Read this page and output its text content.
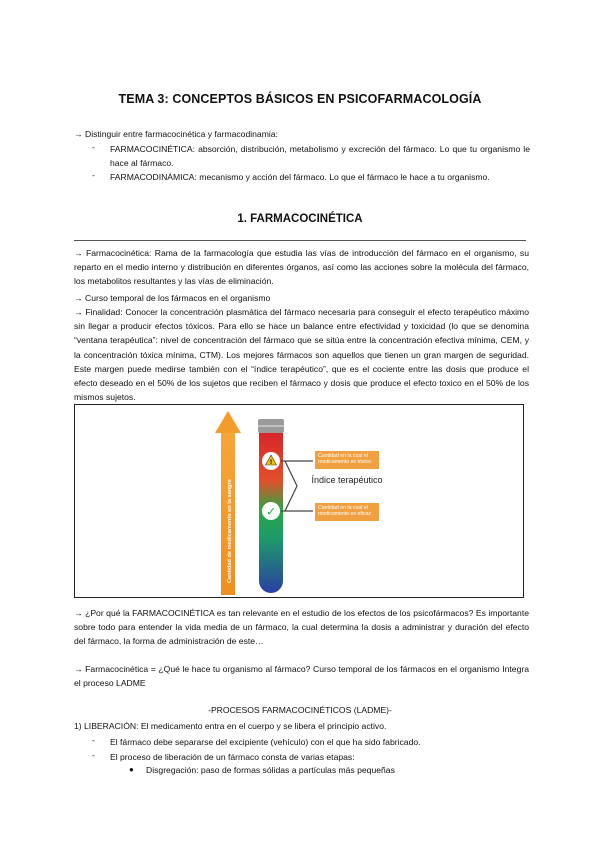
TEMA 3: CONCEPTOS BÁSICOS EN PSICOFARMACOLOGÍA
→ Distinguir entre farmacocinética y farmacodinamia:
- FARMACOCINÉTICA: absorción, distribución, metabolismo y excreción del fármaco. Lo que tu organismo le hace al fármaco.
- FARMACODINÁMICA: mecanismo y acción del fármaco. Lo que el fármaco le hace a tu organismo.
1. FARMACOCINÉTICA
→ Farmacocinética: Rama de la farmacología que estudia las vías de introducción del fármaco en el organismo, su reparto en el medio interno y distribución en diferentes órganos, así como las acciones sobre la molécula del fármaco, los metabolitos resultantes y las vías de eliminación.
→ Curso temporal de los fármacos en el organismo
→ Finalidad: Conocer la concentración plasmática del fármaco necesaria para conseguir el efecto terapéutico máximo sin llegar a producir efectos tóxicos. Para ello se hace un balance entre efectividad y toxicidad (lo que se denomina “ventana terapéutica”: nivel de concentración del fármaco que se sitúa entre la concentración efectiva mínima, CEM, y la concentración tóxica mínima, CTM). Los mejores fármacos son aquellos que tienen un gran margen de seguridad. Este margen puede medirse también con el “índice terapéutico”, que es el cociente entre las dosis que produce el efecto deseado en el 50% de los sujetos que reciben el fármaco y dosis que produce el efecto toxico en el 50% de los mismos sujetos.
Cantidad de medicamento en la sangre
!
✓
Cantidad en la cual el medicamento es tóxico
Cantidad en la cual el medicamento es eficaz
Índice terapéutico
→ ¿Por qué la FARMACOCINÉTICA es tan relevante en el estudio de los efectos de los psicofármacos? Es importante sobre todo para entender la vida media de un fármaco, la cual determina la dosis a administrar y duración del efecto del fármaco, la forma de administración de este…
→ Farmacocinética = ¿Qué le hace tu organismo al fármaco? Curso temporal de los fármacos en el organismo Integra el proceso LADME
-PROCESOS FARMACOCINÉTICOS (LADME)-
1) LIBERACIÓN: El medicamento entra en el cuerpo y se libera el principio activo.
- El fármaco debe separarse del excipiente (vehículo) con el que ha sido fabricado.
- El proceso de liberación de un fármaco consta de varias etapas:
● Disgregación: paso de formas sólidas a partículas más pequeñas
